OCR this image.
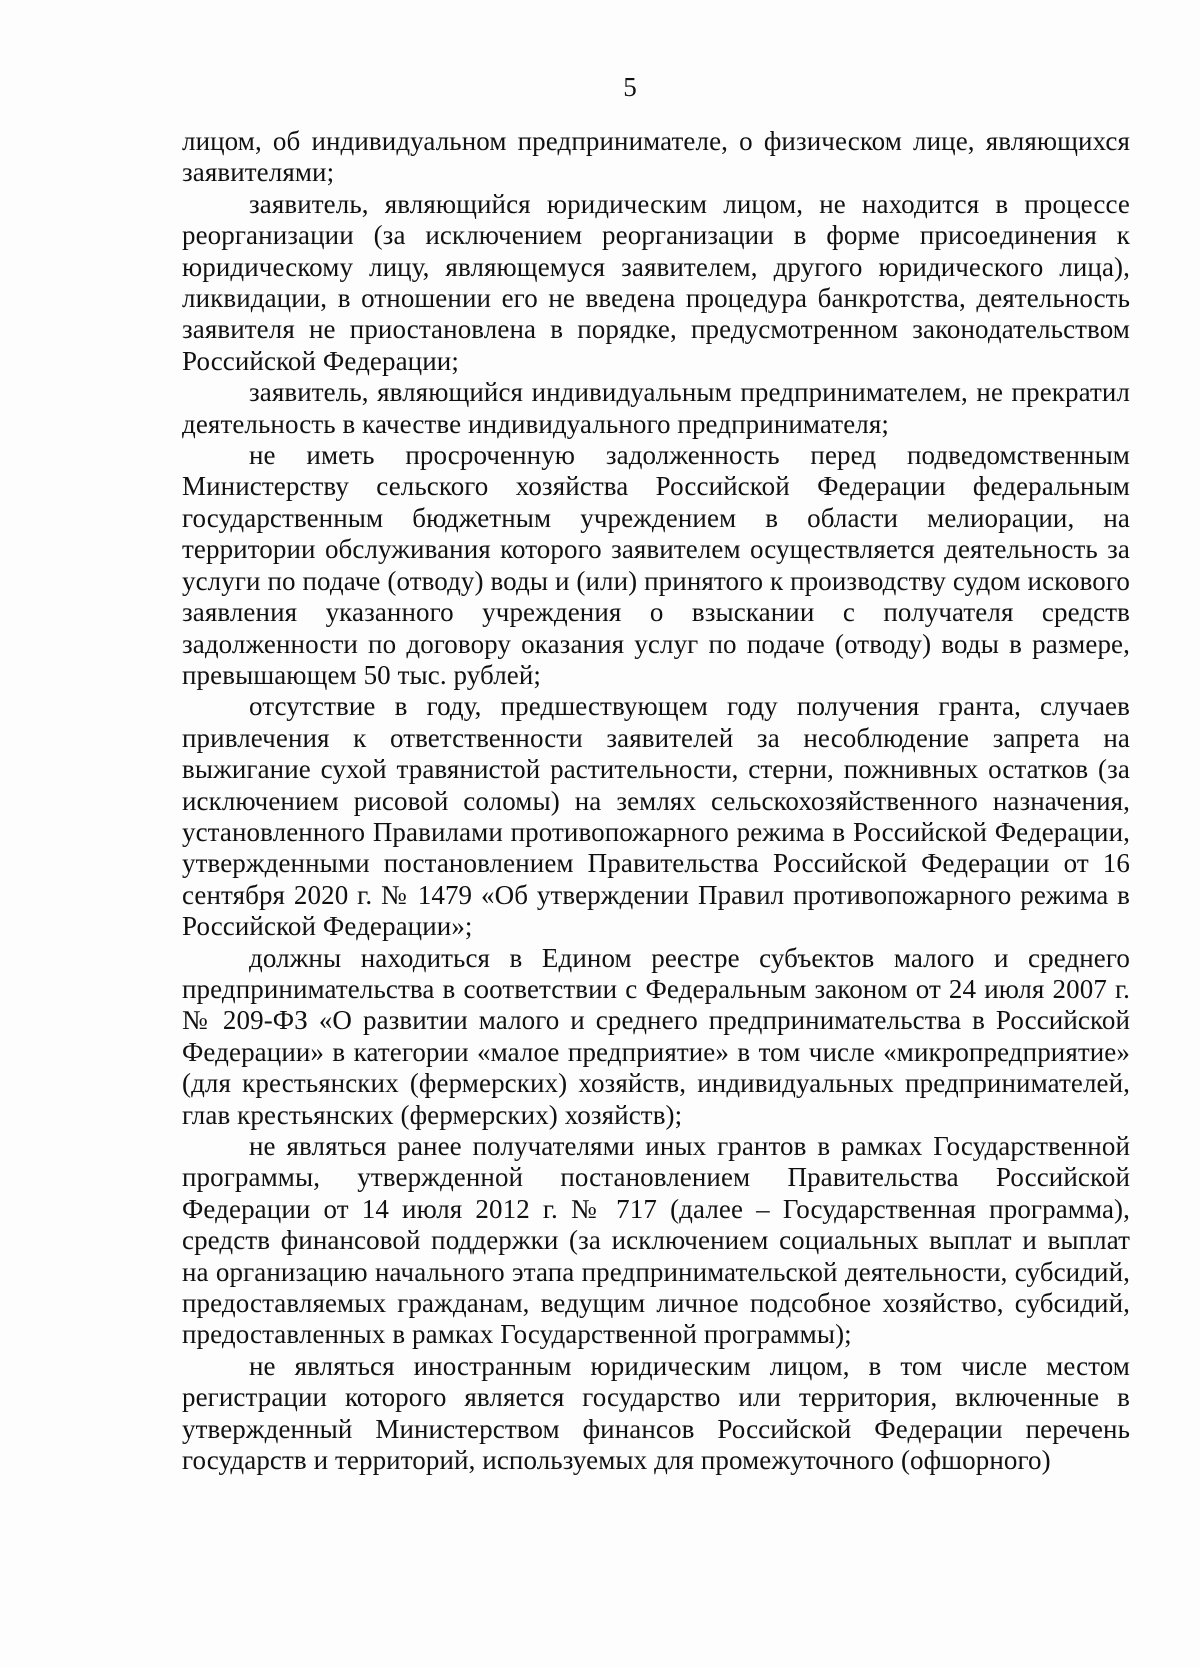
5

лицом, об индивидуальном предпринимателе, о физическом лице, являющихся заявителями;

заявитель, являющийся юридическим лицом, не находится в процессе реорганизации (за исключением реорганизации в форме присоединения к юридическому лицу, являющемуся заявителем, другого юридического лица), ликвидации, в отношении его не введена процедура банкротства, деятельность заявителя не приостановлена в порядке, предусмотренном законодательством Российской Федерации;

заявитель, являющийся индивидуальным предпринимателем, не прекратил деятельность в качестве индивидуального предпринимателя;

не иметь просроченную задолженность перед подведомственным Министерству сельского хозяйства Российской Федерации федеральным государственным бюджетным учреждением в области мелиорации, на территории обслуживания которого заявителем осуществляется деятельность за услуги по подаче (отводу) воды и (или) принятого к производству судом искового заявления указанного учреждения о взыскании с получателя средств задолженности по договору оказания услуг по подаче (отводу) воды в размере, превышающем 50 тыс. рублей;

отсутствие в году, предшествующем году получения гранта, случаев привлечения к ответственности заявителей за несоблюдение запрета на выжигание сухой травянистой растительности, стерни, пожнивных остатков (за исключением рисовой соломы) на землях сельскохозяйственного назначения, установленного Правилами противопожарного режима в Российской Федерации, утвержденными постановлением Правительства Российской Федерации от 16 сентября 2020 г. № 1479 «Об утверждении Правил противопожарного режима в Российской Федерации»;

должны находиться в Едином реестре субъектов малого и среднего предпринимательства в соответствии с Федеральным законом от 24 июля 2007 г. № 209-ФЗ «О развитии малого и среднего предпринимательства в Российской Федерации» в категории «малое предприятие» в том числе «микропредприятие» (для крестьянских (фермерских) хозяйств, индивидуальных предпринимателей, глав крестьянских (фермерских) хозяйств);

не являться ранее получателями иных грантов в рамках Государственной программы, утвержденной постановлением Правительства Российской Федерации от 14 июля 2012 г. № 717 (далее – Государственная программа), средств финансовой поддержки (за исключением социальных выплат и выплат на организацию начального этапа предпринимательской деятельности, субсидий, предоставляемых гражданам, ведущим личное подсобное хозяйство, субсидий, предоставленных в рамках Государственной программы);

не являться иностранным юридическим лицом, в том числе местом регистрации которого является государство или территория, включенные в утвержденный Министерством финансов Российской Федерации перечень государств и территорий, используемых для промежуточного (офшорного)
